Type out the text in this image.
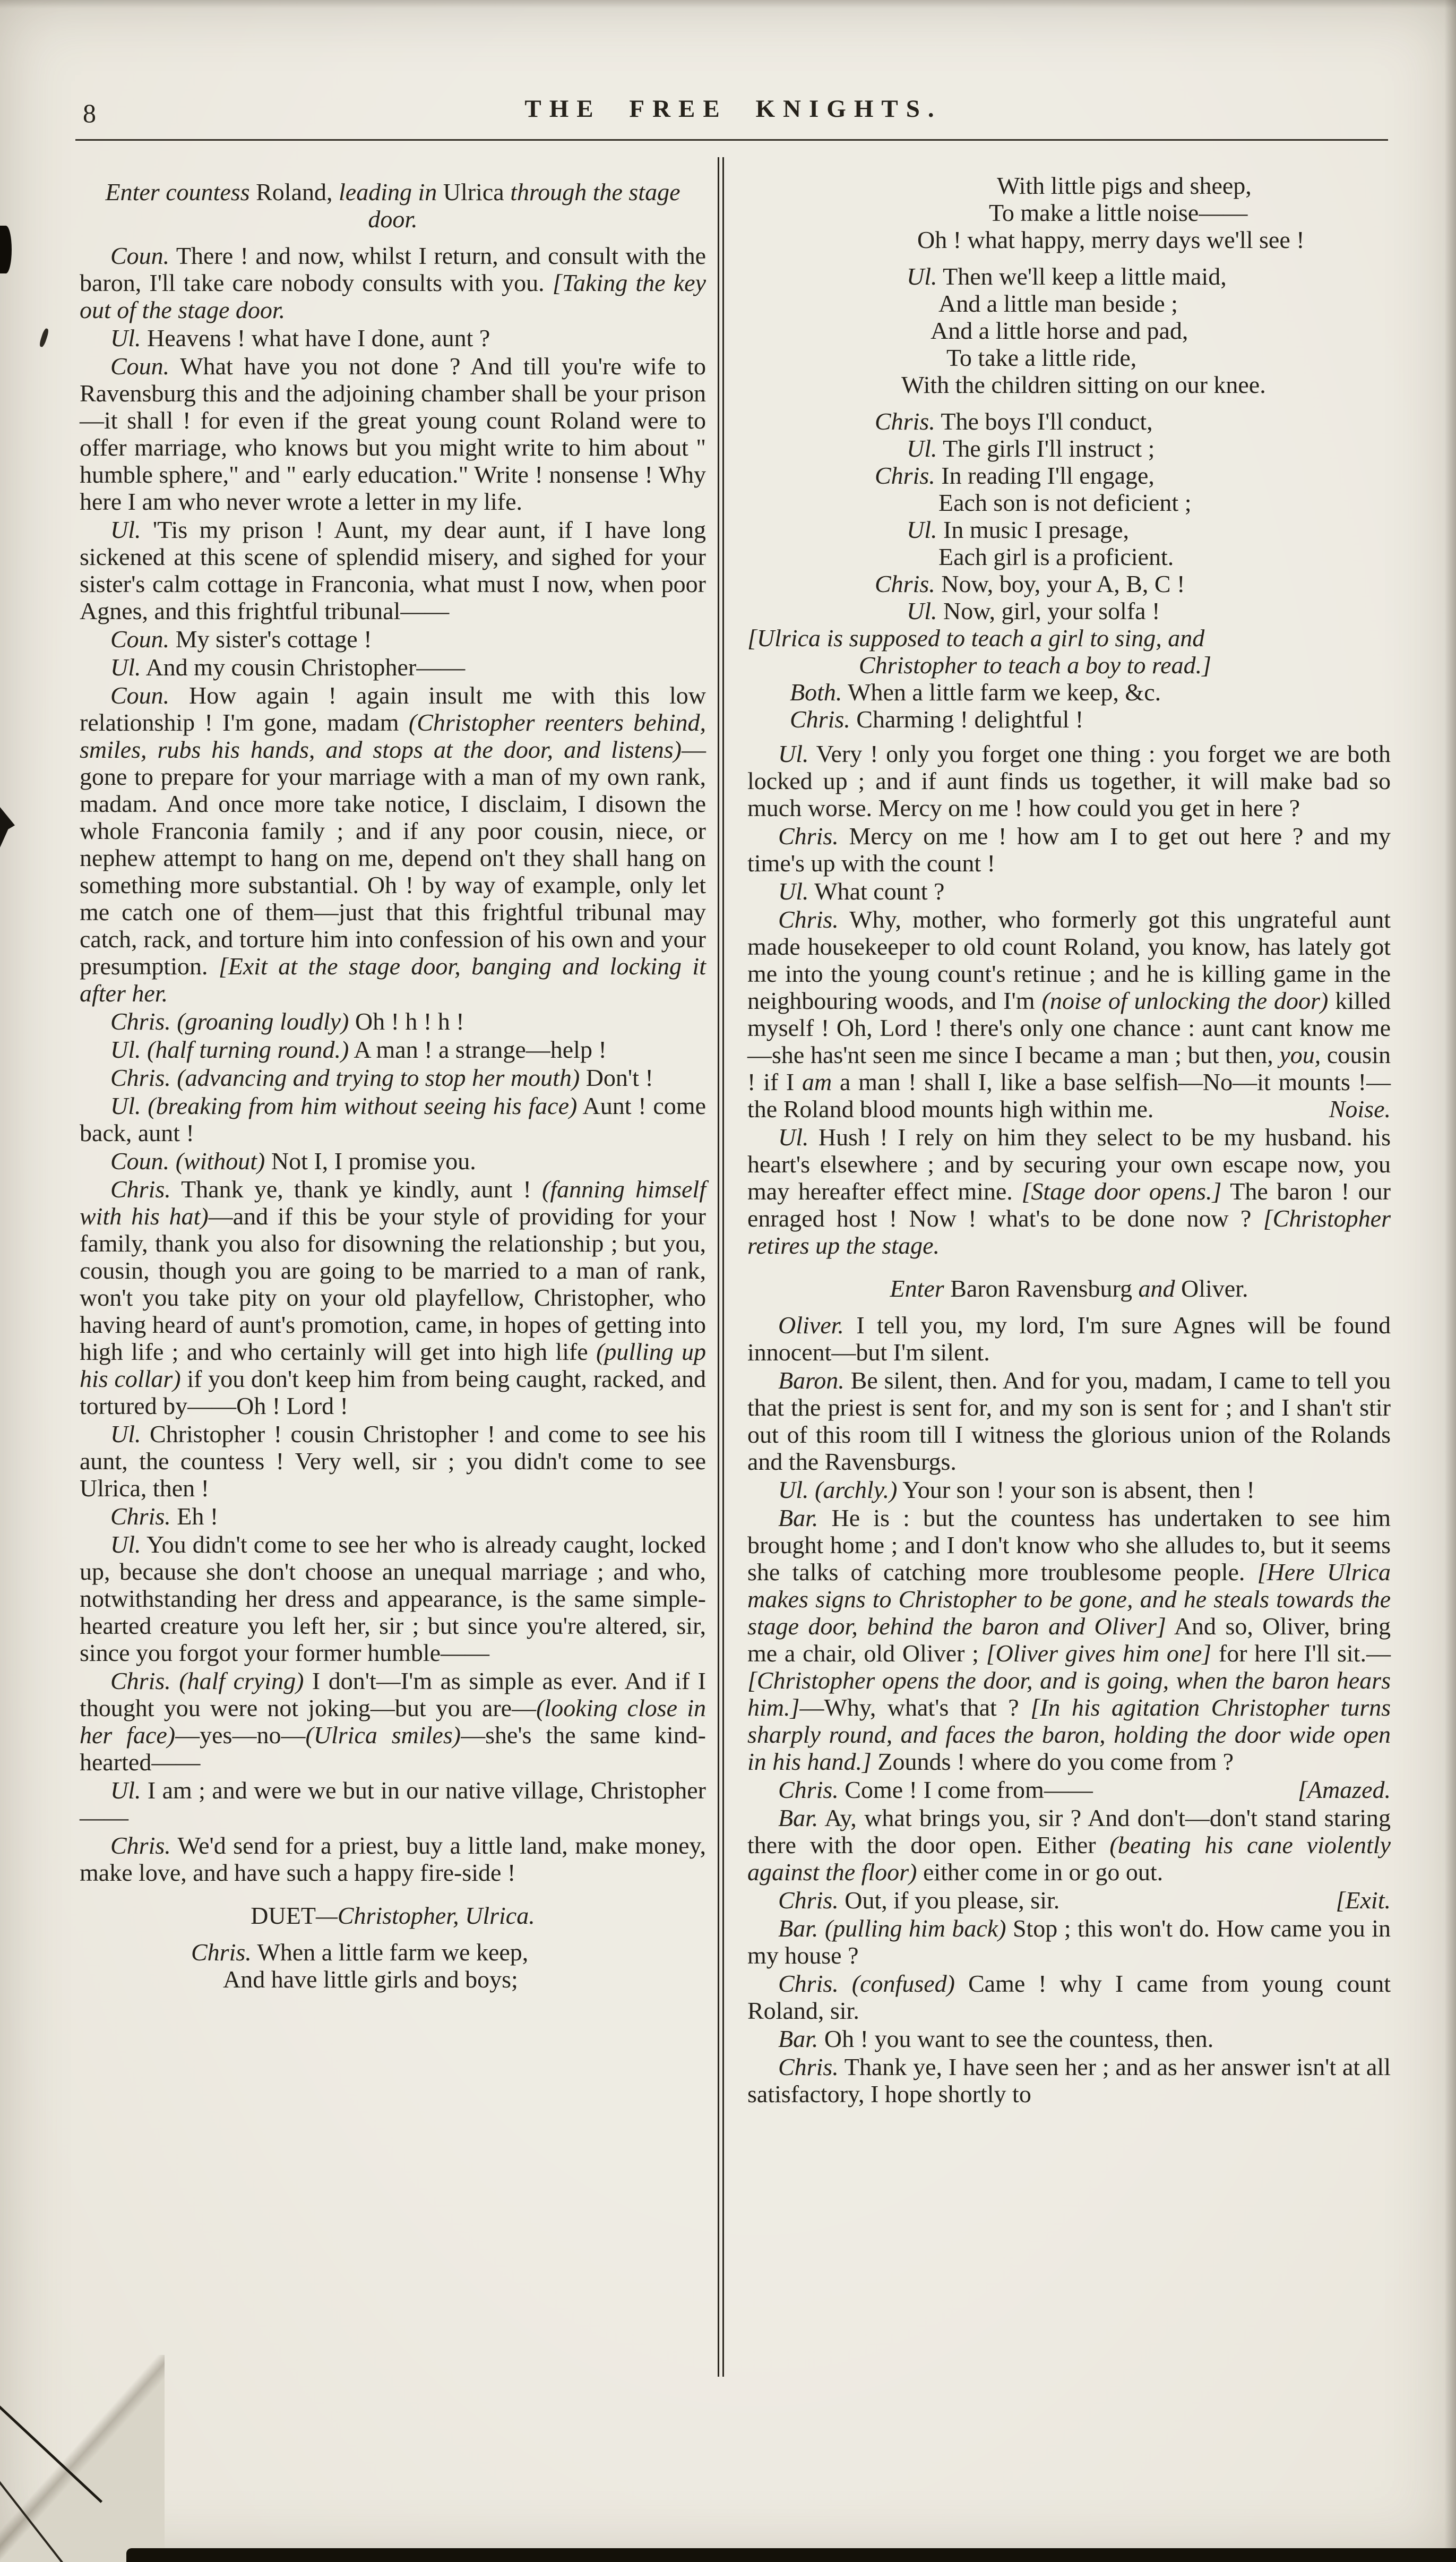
8	THE FREE KNIGHTS.

Enter countess Roland, leading in Ulrica through the stage door.

Coun. There ! and now, whilst I return, and consult with the baron, I'll take care nobody consults with you. [Taking the key out of the stage door.

Ul. Heavens ! what have I done, aunt ?

Coun. What have you not done ? And till you're wife to Ravensburg this and the adjoining chamber shall be your prison—it shall ! for even if the great young count Roland were to offer marriage, who knows but you might write to him about " humble sphere," and " early education." Write ! nonsense ! Why here I am who never wrote a letter in my life.

Ul. 'Tis my prison ! Aunt, my dear aunt, if I have long sickened at this scene of splendid misery, and sighed for your sister's calm cottage in Franconia, what must I now, when poor Agnes, and this frightful tribunal——

Coun. My sister's cottage !

Ul. And my cousin Christopher——

Coun. How again ! again insult me with this low relationship ! I'm gone, madam (Christopher reenters behind, smiles, rubs his hands, and stops at the door, and listens)—gone to prepare for your marriage with a man of my own rank, madam. And once more take notice, I disclaim, I disown the whole Franconia family ; and if any poor cousin, niece, or nephew attempt to hang on me, depend on't they shall hang on something more substantial. Oh ! by way of example, only let me catch one of them—just that this frightful tribunal may catch, rack, and torture him into confession of his own and your presumption. [Exit at the stage door, banging and locking it after her.

Chris. (groaning loudly) Oh ! h ! h !

Ul. (half turning round.) A man ! a strange—help !

Chris. (advancing and trying to stop her mouth) Don't !

Ul. (breaking from him without seeing his face) Aunt ! come back, aunt !

Coun. (without) Not I, I promise you.

Chris. Thank ye, thank ye kindly, aunt ! (fanning himself with his hat)—and if this be your style of providing for your family, thank you also for disowning the relationship ; but you, cousin, though you are going to be married to a man of rank, won't you take pity on your old playfellow, Christopher, who having heard of aunt's promotion, came, in hopes of getting into high life ; and who certainly will get into high life (pulling up his collar) if you don't keep him from being caught, racked, and tortured by——Oh ! Lord !

Ul. Christopher ! cousin Christopher ! and come to see his aunt, the countess ! Very well, sir ; you didn't come to see Ulrica, then !

Chris. Eh !

Ul. You didn't come to see her who is already caught, locked up, because she don't choose an unequal marriage ; and who, notwithstanding her dress and appearance, is the same simple-hearted creature you left her, sir ; but since you're altered, sir, since you forgot your former humble——

Chris. (half crying) I don't—I'm as simple as ever. And if I thought you were not joking—but you are—(looking close in her face)—yes—no—(Ulrica smiles)—she's the same kind-hearted——

Ul. I am ; and were we but in our native village, Christopher——

Chris. We'd send for a priest, buy a little land, make money, make love, and have such a happy fire-side !

DUET—Christopher, Ulrica.

Chris. When a little farm we keep,
And have little girls and boys;
With little pigs and sheep,
To make a little noise——
Oh ! what happy, merry days we'll see !
Ul. Then we'll keep a little maid,
And a little man beside ;
And a little horse and pad,
To take a little ride,
With the children sitting on our knee.
Chris. The boys I'll conduct,
Ul. The girls I'll instruct ;
Chris. In reading I'll engage,
Each son is not deficient ;
Ul. In music I presage,
Each girl is a proficient.
Chris. Now, boy, your A, B, C !
Ul. Now, girl, your solfa !
[Ulrica is supposed to teach a girl to sing, and
Christopher to teach a boy to read.]
Both. When a little farm we keep, &c.
Chris. Charming ! delightful !

Ul. Very ! only you forget one thing : you forget we are both locked up ; and if aunt finds us together, it will make bad so much worse. Mercy on me ! how could you get in here ?

Chris. Mercy on me ! how am I to get out here ? and my time's up with the count !

Ul. What count ?

Chris. Why, mother, who formerly got this ungrateful aunt made housekeeper to old count Roland, you know, has lately got me into the young count's retinue ; and he is killing game in the neighbouring woods, and I'm (noise of unlocking the door) killed myself ! Oh, Lord ! there's only one chance : aunt cant know me—she has'nt seen me since I became a man ; but then, you, cousin ! if I am a man ! shall I, like a base selfish—No—it mounts !—the Roland blood mounts high within me.	Noise.

Ul. Hush ! I rely on him they select to be my husband. his heart's elsewhere ; and by securing your own escape now, you may hereafter effect mine. [Stage door opens.] The baron ! our enraged host ! Now ! what's to be done now ? [Christopher retires up the stage.

Enter Baron Ravensburg and Oliver.

Oliver. I tell you, my lord, I'm sure Agnes will be found innocent—but I'm silent.

Baron. Be silent, then. And for you, madam, I came to tell you that the priest is sent for, and my son is sent for ; and I shan't stir out of this room till I witness the glorious union of the Rolands and the Ravensburgs.

Ul. (archly.) Your son ! your son is absent, then !

Bar. He is : but the countess has undertaken to see him brought home ; and I don't know who she alludes to, but it seems she talks of catching more troublesome people. [Here Ulrica makes signs to Christopher to be gone, and he steals towards the stage door, behind the baron and Oliver] And so, Oliver, bring me a chair, old Oliver ; [Oliver gives him one] for here I'll sit.—[Christopher opens the door, and is going, when the baron hears him.]—Why, what's that ? [In his agitation Christopher turns sharply round, and faces the baron, holding the door wide open in his hand.] Zounds ! where do you come from ?

Chris. Come ! I come from——	[Amazed.

Bar. Ay, what brings you, sir ? And don't—don't stand staring there with the door open. Either (beating his cane violently against the floor) either come in or go out.

Chris. Out, if you please, sir.	[Exit.

Bar. (pulling him back) Stop ; this won't do. How came you in my house ?

Chris. (confused) Came ! why I came from young count Roland, sir.

Bar. Oh ! you want to see the countess, then.

Chris. Thank ye, I have seen her ; and as her answer isn't at all satisfactory, I hope shortly to
